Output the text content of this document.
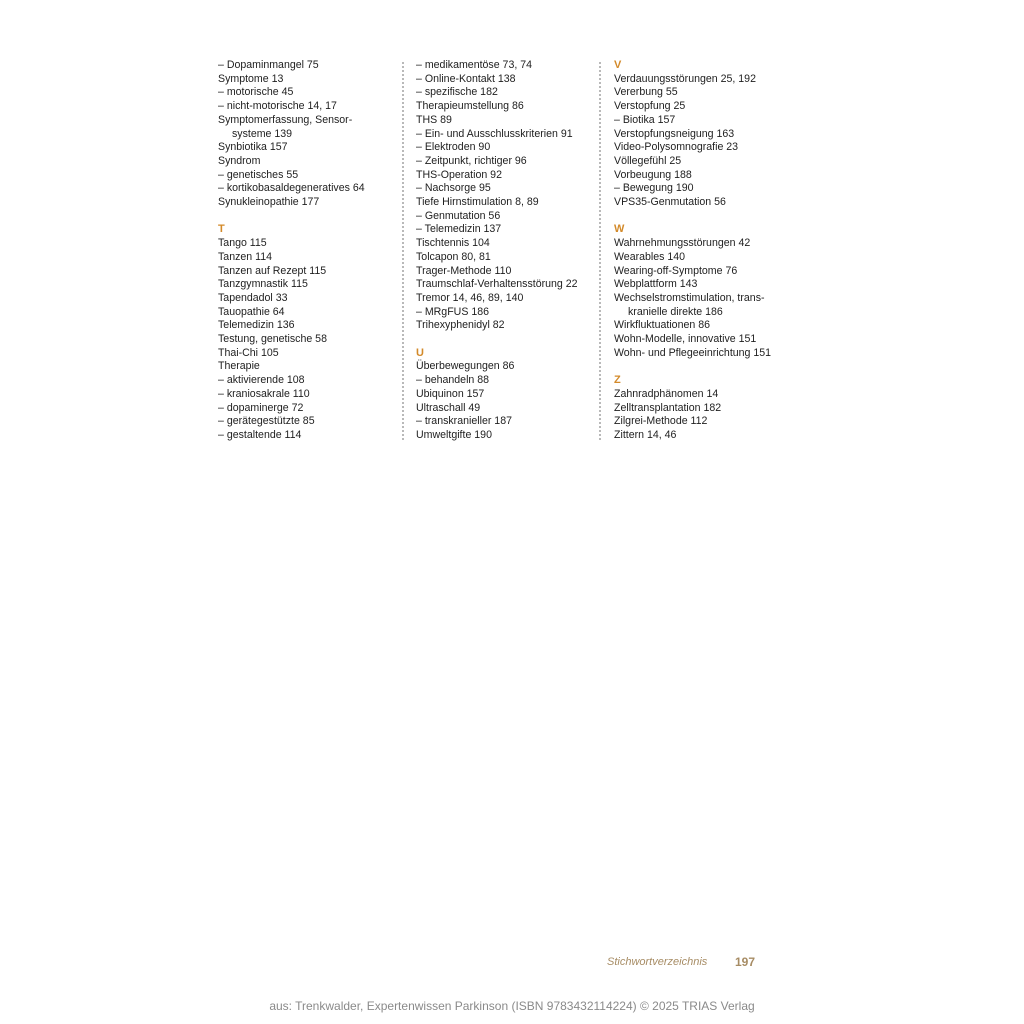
– Dopaminmangel 75
Symptome 13
– motorische 45
– nicht-motorische 14, 17
Symptomerfassung, Sensor-
systeme 139
Synbiotika 157
Syndrom
– genetisches 55
– kortikobasaldegeneratives 64
Synukleinopathie 177
T
Tango 115
Tanzen 114
Tanzen auf Rezept 115
Tanzgymnastik 115
Tapendadol 33
Tauopathie 64
Telemedizin 136
Testung, genetische 58
Thai-Chi 105
Therapie
– aktivierende 108
– kraniosakrale 110
– dopaminerge 72
– gerätegestützte 85
– gestaltende 114
– medikamentöse 73, 74
– Online-Kontakt 138
– spezifische 182
Therapieumstellung 86
THS 89
– Ein- und Ausschlusskriterien 91
– Elektroden 90
– Zeitpunkt, richtiger 96
THS-Operation 92
– Nachsorge 95
Tiefe Hirnstimulation 8, 89
– Genmutation 56
– Telemedizin 137
Tischtennis 104
Tolcapon 80, 81
Trager-Methode 110
Traumschlaf-Verhaltensstörung 22
Tremor 14, 46, 89, 140
– MRgFUS 186
Trihexyphenidyl 82
U
Überbewegungen 86
– behandeln 88
Ubiquinon 157
Ultraschall 49
– transkranieller 187
Umweltgifte 190
V
Verdauungsstörungen 25, 192
Vererbung 55
Verstopfung 25
– Biotika 157
Verstopfungsneigung 163
Video-Polysomnografie 23
Völlegefühl 25
Vorbeugung 188
– Bewegung 190
VPS35-Genmutation 56
W
Wahrnehmungsstörungen 42
Wearables 140
Wearing-off-Symptome 76
Webplattform 143
Wechselstromstimulation, trans-
kranielle direkte 186
Wirkfluktuationen 86
Wohn-Modelle, innovative 151
Wohn- und Pflegeeinrichtung 151
Z
Zahnradphänomen 14
Zelltransplantation 182
Zilgrei-Methode 112
Zittern 14, 46
Stichwortverzeichnis 197
aus: Trenkwalder, Expertenwissen Parkinson (ISBN 9783432114224) © 2025 TRIAS Verlag
